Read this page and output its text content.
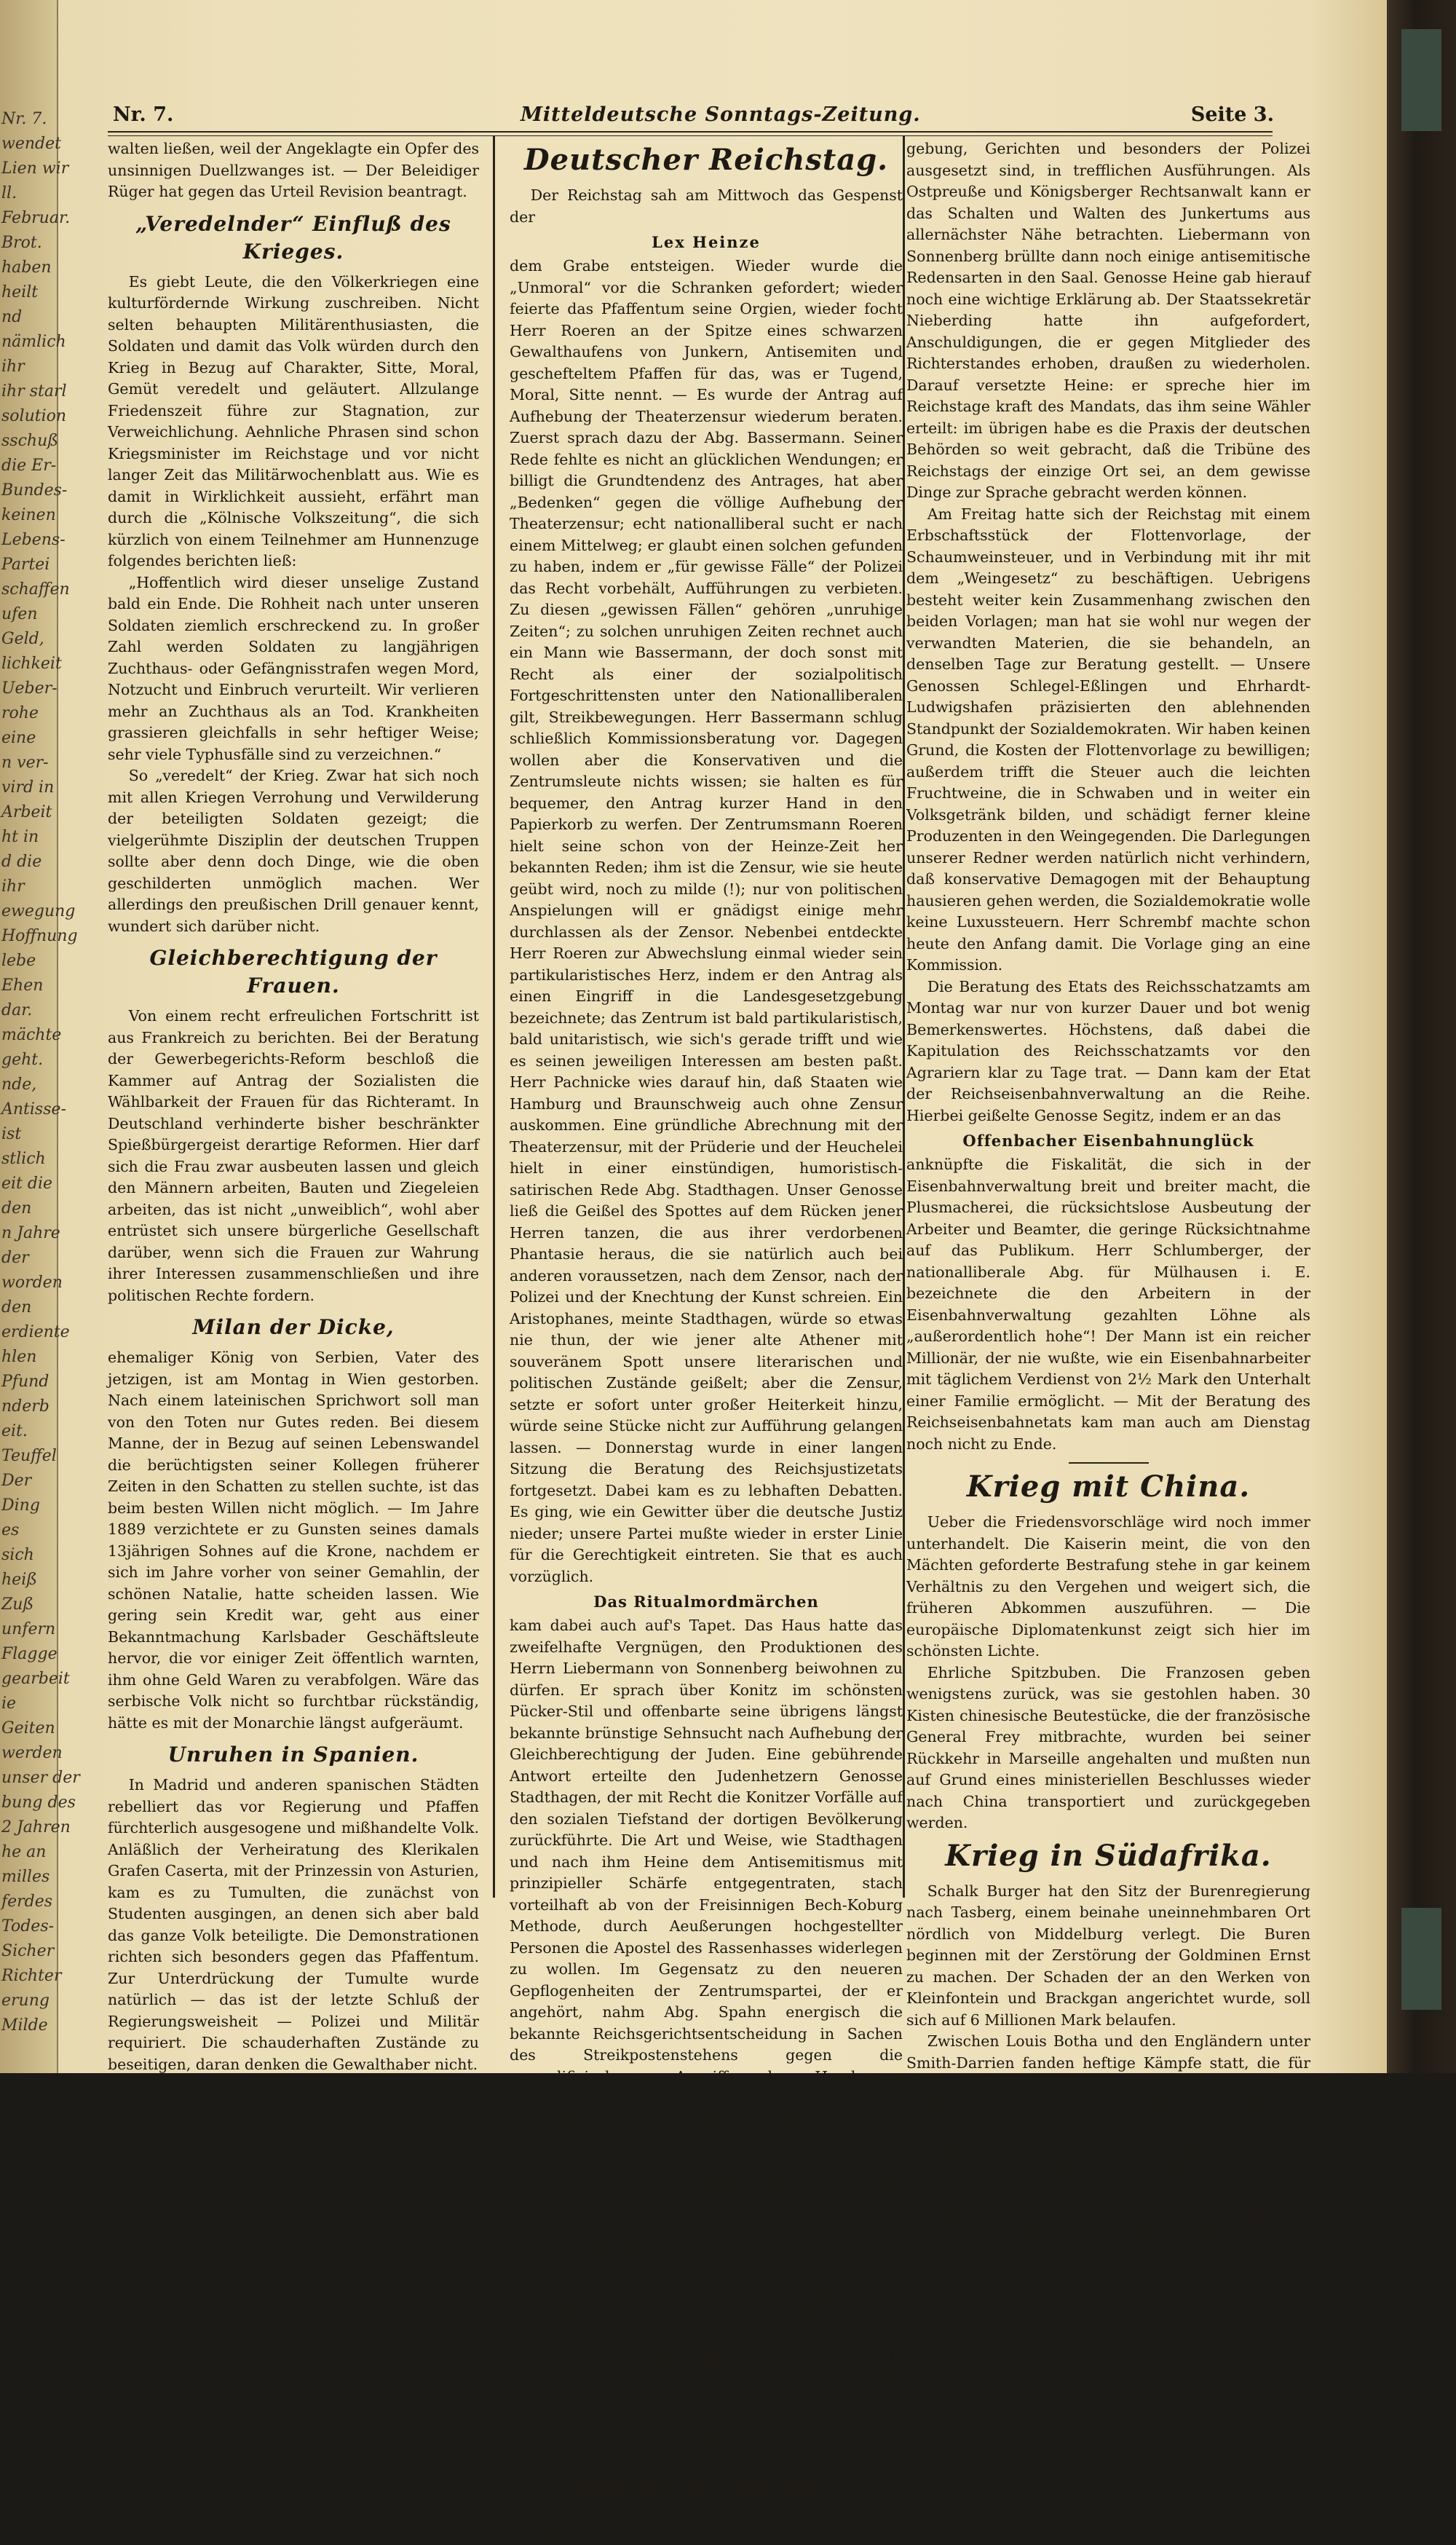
Nr. 7.
wendet
Lien wir
ll.
Februar.
Brot.
haben
heilt
nd
nämlich
ihr
ihr starl
solution
sschuß
die Er-
Bundes-
keinen
Lebens-
Partei
schaffen
ufen
Geld,
lichkeit
Ueber-
rohe
eine
n ver-
vird in
Arbeit
ht in
d die
ihr
ewegung
Hoffnung
lebe
Ehen
dar.
mächte
geht.
nde,
Antisse-
ist
stlich
eit die
den
n Jahre
der
worden
den
erdiente
hlen
Pfund
nderb
eit.
Teuffel
Der
Ding
es
sich
heiß
Zuß
unfern
Flagge
gearbeit
ie
Geiten
werden
unser der
bung des
2 Jahren
he an
milles
ferdes
Todes-
Sicher
Richter
erung
Milde
Nr. 7.	Mitteldeutsche Sonntags-Zeitung.	Seite 3.

walten ließen, weil der Angeklagte ein Opfer des unsinnigen Duellzwanges ist. — Der Beleidiger Rüger hat gegen das Urteil Revision beantragt.

„Veredelnder“ Einfluß des Krieges.

Es giebt Leute, die den Völkerkriegen eine kulturfördernde Wirkung zuschreiben. Nicht selten behaupten Militärenthusiasten, die Soldaten und damit das Volk würden durch den Krieg in Bezug auf Charakter, Sitte, Moral, Gemüt veredelt und geläutert. Allzulange Friedenszeit führe zur Stagnation, zur Verweichlichung. Aehnliche Phrasen sind schon Kriegsminister im Reichstage und vor nicht langer Zeit das Militärwochenblatt aus. Wie es damit in Wirklichkeit aussieht, erfährt man durch die „Kölnische Volkszeitung“, die sich kürzlich von einem Teilnehmer am Hunnenzuge folgendes berichten ließ:

„Hoffentlich wird dieser unselige Zustand bald ein Ende. Die Rohheit nach unter unseren Soldaten ziemlich erschreckend zu. In großer Zahl werden Soldaten zu langjährigen Zuchthaus- oder Gefängnisstrafen wegen Mord, Notzucht und Einbruch verurteilt. Wir verlieren mehr an Zuchthaus als an Tod. Krankheiten grassieren gleichfalls in sehr heftiger Weise; sehr viele Typhusfälle sind zu verzeichnen.“

So „veredelt“ der Krieg. Zwar hat sich noch mit allen Kriegen Verrohung und Verwilderung der beteiligten Soldaten gezeigt; die vielgerühmte Disziplin der deutschen Truppen sollte aber denn doch Dinge, wie die oben geschilderten unmöglich machen. Wer allerdings den preußischen Drill genauer kennt, wundert sich darüber nicht.

Gleichberechtigung der Frauen.

Von einem recht erfreulichen Fortschritt ist aus Frankreich zu berichten. Bei der Beratung der Gewerbegerichts-Reform beschloß die Kammer auf Antrag der Sozialisten die Wählbarkeit der Frauen für das Richteramt. In Deutschland verhinderte bisher beschränkter Spießbürgergeist derartige Reformen. Hier darf sich die Frau zwar ausbeuten lassen und gleich den Männern arbeiten, Bauten und Ziegeleien arbeiten, das ist nicht „unweiblich“, wohl aber entrüstet sich unsere bürgerliche Gesellschaft darüber, wenn sich die Frauen zur Wahrung ihrer Interessen zusammenschließen und ihre politischen Rechte fordern.

Milan der Dicke,

ehemaliger König von Serbien, Vater des jetzigen, ist am Montag in Wien gestorben. Nach einem lateinischen Sprichwort soll man von den Toten nur Gutes reden. Bei diesem Manne, der in Bezug auf seinen Lebenswandel die berüchtigsten seiner Kollegen früherer Zeiten in den Schatten zu stellen suchte, ist das beim besten Willen nicht möglich. — Im Jahre 1889 verzichtete er zu Gunsten seines damals 13jährigen Sohnes auf die Krone, nachdem er sich im Jahre vorher von seiner Gemahlin, der schönen Natalie, hatte scheiden lassen. Wie gering sein Kredit war, geht aus einer Bekanntmachung Karlsbader Geschäftsleute hervor, die vor einiger Zeit öffentlich warnten, ihm ohne Geld Waren zu verabfolgen. Wäre das serbische Volk nicht so furchtbar rückständig, hätte es mit der Monarchie längst aufgeräumt.

Unruhen in Spanien.

In Madrid und anderen spanischen Städten rebelliert das vor Regierung und Pfaffen fürchterlich ausgesogene und mißhandelte Volk. Anläßlich der Verheiratung des Klerikalen Grafen Caserta, mit der Prinzessin von Asturien, kam es zu Tumulten, die zunächst von Studenten ausgingen, an denen sich aber bald das ganze Volk beteiligte. Die Demonstrationen richten sich besonders gegen das Pfaffentum. Zur Unterdrückung der Tumulte wurde natürlich — das ist der letzte Schluß der Regierungsweisheit — Polizei und Militär requiriert. Die schauderhaften Zustände zu beseitigen, daran denken die Gewalthaber nicht.

Deutscher Reichstag.

Der Reichstag sah am Mittwoch das Gespenst der

Lex Heinze

dem Grabe entsteigen. Wieder wurde die „Unmoral“ vor die Schranken gefordert; wieder feierte das Pfaffentum seine Orgien, wieder focht Herr Roeren an der Spitze eines schwarzen Gewalthaufens von Junkern, Antisemiten und geschefteltem Pfaffen für das, was er Tugend, Moral, Sitte nennt. — Es wurde der Antrag auf Aufhebung der Theaterzensur wiederum beraten. Zuerst sprach dazu der Abg. Bassermann. Seiner Rede fehlte es nicht an glücklichen Wendungen; er billigt die Grundtendenz des Antrages, hat aber „Bedenken“ gegen die völlige Aufhebung der Theaterzensur; echt nationalliberal sucht er nach einem Mittelweg; er glaubt einen solchen gefunden zu haben, indem er „für gewisse Fälle“ der Polizei das Recht vorbehält, Aufführungen zu verbieten. Zu diesen „gewissen Fällen“ gehören „unruhige Zeiten“; zu solchen unruhigen Zeiten rechnet auch ein Mann wie Bassermann, der doch sonst mit Recht als einer der sozialpolitisch Fortgeschrittensten unter den Nationalliberalen gilt, Streikbewegungen. Herr Bassermann schlug schließlich Kommissionsberatung vor. Dagegen wollen aber die Konservativen und die Zentrumsleute nichts wissen; sie halten es für bequemer, den Antrag kurzer Hand in den Papierkorb zu werfen. Der Zentrumsmann Roeren hielt seine schon von der Heinze-Zeit her bekannten Reden; ihm ist die Zensur, wie sie heute geübt wird, noch zu milde (!); nur von politischen Anspielungen will er gnädigst einige mehr durchlassen als der Zensor. Nebenbei entdeckte Herr Roeren zur Abwechslung einmal wieder sein partikularistisches Herz, indem er den Antrag als einen Eingriff in die Landesgesetzgebung bezeichnete; das Zentrum ist bald partikularistisch, bald unitaristisch, wie sich's gerade trifft und wie es seinen jeweiligen Interessen am besten paßt. Herr Pachnicke wies darauf hin, daß Staaten wie Hamburg und Braunschweig auch ohne Zensur auskommen. Eine gründliche Abrechnung mit der Theaterzensur, mit der Prüderie und der Heuchelei hielt in einer einstündigen, humoristisch-satirischen Rede Abg. Stadthagen. Unser Genosse ließ die Geißel des Spottes auf dem Rücken jener Herren tanzen, die aus ihrer verdorbenen Phantasie heraus, die sie natürlich auch bei anderen voraussetzen, nach dem Zensor, nach der Polizei und der Knechtung der Kunst schreien. Ein Aristophanes, meinte Stadthagen, würde so etwas nie thun, der wie jener alte Athener mit souveränem Spott unsere literarischen und politischen Zustände geißelt; aber die Zensur, setzte er sofort unter großer Heiterkeit hinzu, würde seine Stücke nicht zur Aufführung gelangen lassen. — Donnerstag wurde in einer langen Sitzung die Beratung des Reichsjustizetats fortgesetzt. Dabei kam es zu lebhaften Debatten. Es ging, wie ein Gewitter über die deutsche Justiz nieder; unsere Partei mußte wieder in erster Linie für die Gerechtigkeit eintreten. Sie that es auch vorzüglich.

Das Ritualmordmärchen

kam dabei auch auf's Tapet. Das Haus hatte das zweifelhafte Vergnügen, den Produktionen des Herrn Liebermann von Sonnenberg beiwohnen zu dürfen. Er sprach über Konitz im schönsten Pücker-Stil und offenbarte seine übrigens längst bekannte brünstige Sehnsucht nach Aufhebung der Gleichberechtigung der Juden. Eine gebührende Antwort erteilte den Judenhetzern Genosse Stadthagen, der mit Recht die Konitzer Vorfälle auf den sozialen Tiefstand der dortigen Bevölkerung zurückführte. Die Art und Weise, wie Stadthagen und nach ihm Heine dem Antisemitismus mit prinzipieller Schärfe entgegentraten, stach vorteilhaft ab von der Freisinnigen Bech-Koburg Methode, durch Aeußerungen hochgestellter Personen die Apostel des Rassenhasses widerlegen zu wollen. Im Gegensatz zu den neueren Gepflogenheiten der Zentrumspartei, der er angehört, nahm Abg. Spahn energisch die bekannte Reichsgerichtsentscheidung in Sachen des Streikpostenstehens gegen die unqualifizierbaren Angriffe der Hamburger Nachrichten in Schutz und vertrat nachdrücklich gegenüber dem Staatssekretär Nieberding das Recht des Reichstags, Gerichtsurteile einer Kritik zu unterziehen. Eine formvollendete Rede hielt Genosse Rechtsanwalt Wolfgang Heine. Er wandte sich gegen die neuliche Erklärung des preußischen Justizministers im Abgeordnetenhause und verlangte Gleichheit der Konfessionen und Parteien vor dem Gesetz. Das Geschrei der Rechten, das bei dieser Stelle erscholl, bewies, daß die Junker nicht die einfachsten Grundsätze des Rechtsstaates anerkennen. Ferner unterzog Heine eine Anzahl in Majestätsbeleidigungsklagen ergangener Urteile einer eigenen Kritik und beleuchtete u. a. auch die verschiedenen Prozesse gegen Maximilian Harden. Nach Rickert, der unter dem Skandal der Rechten auf Liebermanns Anzapfungen antwortete, ergriff unser Genosse Haase das Wort. Er ging auf die

Verhältnisse der Landarbeiter

ein, schilderte den furchtbaren Druck, dem sie von Gesetz-

gebung, Gerichten und besonders der Polizei ausgesetzt sind, in trefflichen Ausführungen. Als Ostpreuße und Königsberger Rechtsanwalt kann er das Schalten und Walten des Junkertums aus allernächster Nähe betrachten. Liebermann von Sonnenberg brüllte dann noch einige antisemitische Redensarten in den Saal. Genosse Heine gab hierauf noch eine wichtige Erklärung ab. Der Staatssekretär Nieberding hatte ihn aufgefordert, Anschuldigungen, die er gegen Mitglieder des Richterstandes erhoben, draußen zu wiederholen. Darauf versetzte Heine: er spreche hier im Reichstage kraft des Mandats, das ihm seine Wähler erteilt: im übrigen habe es die Praxis der deutschen Behörden so weit gebracht, daß die Tribüne des Reichstags der einzige Ort sei, an dem gewisse Dinge zur Sprache gebracht werden können.

Am Freitag hatte sich der Reichstag mit einem Erbschaftsstück der Flottenvorlage, der Schaumweinsteuer, und in Verbindung mit ihr mit dem „Weingesetz“ zu beschäftigen. Uebrigens besteht weiter kein Zusammenhang zwischen den beiden Vorlagen; man hat sie wohl nur wegen der verwandten Materien, die sie behandeln, an denselben Tage zur Beratung gestellt. — Unsere Genossen Schlegel-Eßlingen und Ehrhardt-Ludwigshafen präzisierten den ablehnenden Standpunkt der Sozialdemokraten. Wir haben keinen Grund, die Kosten der Flottenvorlage zu bewilligen; außerdem trifft die Steuer auch die leichten Fruchtweine, die in Schwaben und in weiter ein Volksgetränk bilden, und schädigt ferner kleine Produzenten in den Weingegenden. Die Darlegungen unserer Redner werden natürlich nicht verhindern, daß konservative Demagogen mit der Behauptung hausieren gehen werden, die Sozialdemokratie wolle keine Luxussteuern. Herr Schrembf machte schon heute den Anfang damit. Die Vorlage ging an eine Kommission.

Die Beratung des Etats des Reichsschatzamts am Montag war nur von kurzer Dauer und bot wenig Bemerkenswertes. Höchstens, daß dabei die Kapitulation des Reichsschatzamts vor den Agrariern klar zu Tage trat. — Dann kam der Etat der Reichseisenbahnverwaltung an die Reihe. Hierbei geißelte Genosse Segitz, indem er an das

Offenbacher Eisenbahnunglück

anknüpfte die Fiskalität, die sich in der Eisenbahnverwaltung breit und breiter macht, die Plusmacherei, die rücksichtslose Ausbeutung der Arbeiter und Beamter, die geringe Rücksichtnahme auf das Publikum. Herr Schlumberger, der nationalliberale Abg. für Mülhausen i. E. bezeichnete die den Arbeitern in der Eisenbahnverwaltung gezahlten Löhne als „außerordentlich hohe“! Der Mann ist ein reicher Millionär, der nie wußte, wie ein Eisenbahnarbeiter mit täglichem Verdienst von 2½ Mark den Unterhalt einer Familie ermöglicht. — Mit der Beratung des Reichseisenbahnetats kam man auch am Dienstag noch nicht zu Ende.

Krieg mit China.

Ueber die Friedensvorschläge wird noch immer unterhandelt. Die Kaiserin meint, die von den Mächten geforderte Bestrafung stehe in gar keinem Verhältnis zu den Vergehen und weigert sich, die früheren Abkommen auszuführen. — Die europäische Diplomatenkunst zeigt sich hier im schönsten Lichte.

Ehrliche Spitzbuben. Die Franzosen geben wenigstens zurück, was sie gestohlen haben. 30 Kisten chinesische Beutestücke, die der französische General Frey mitbrachte, wurden bei seiner Rückkehr in Marseille angehalten und mußten nun auf Grund eines ministeriellen Beschlusses wieder nach China transportiert und zurückgegeben werden.

Krieg in Südafrika.

Schalk Burger hat den Sitz der Burenregierung nach Tasberg, einem beinahe uneinnehmbaren Ort nördlich von Middelburg verlegt. Die Buren beginnen mit der Zerstörung der Goldminen Ernst zu machen. Der Schaden der an den Werken von Kleinfontein und Brackgan angerichtet wurde, soll sich auf 6 Millionen Mark belaufen.

Zwischen Louis Botha und den Engländern unter Smith-Darrien fanden heftige Kämpfe statt, die für die Engländer mit schweren Verlusten endeten. Sie mußten sich nach sechsstündigem Kampfe mit einem Verlust von 29 Todten, 74 Verwundeten, 22 Gefangenen zurückziehen. Die Verluste der Buren betrugen 2 Kommandanten, 2 Feldkornets, 20 Mann tot, über 50 Verwundete.

Englischerseits wird berichtet, die Engländer stehen im Begriff, vier große Offensiv-Beweg-
